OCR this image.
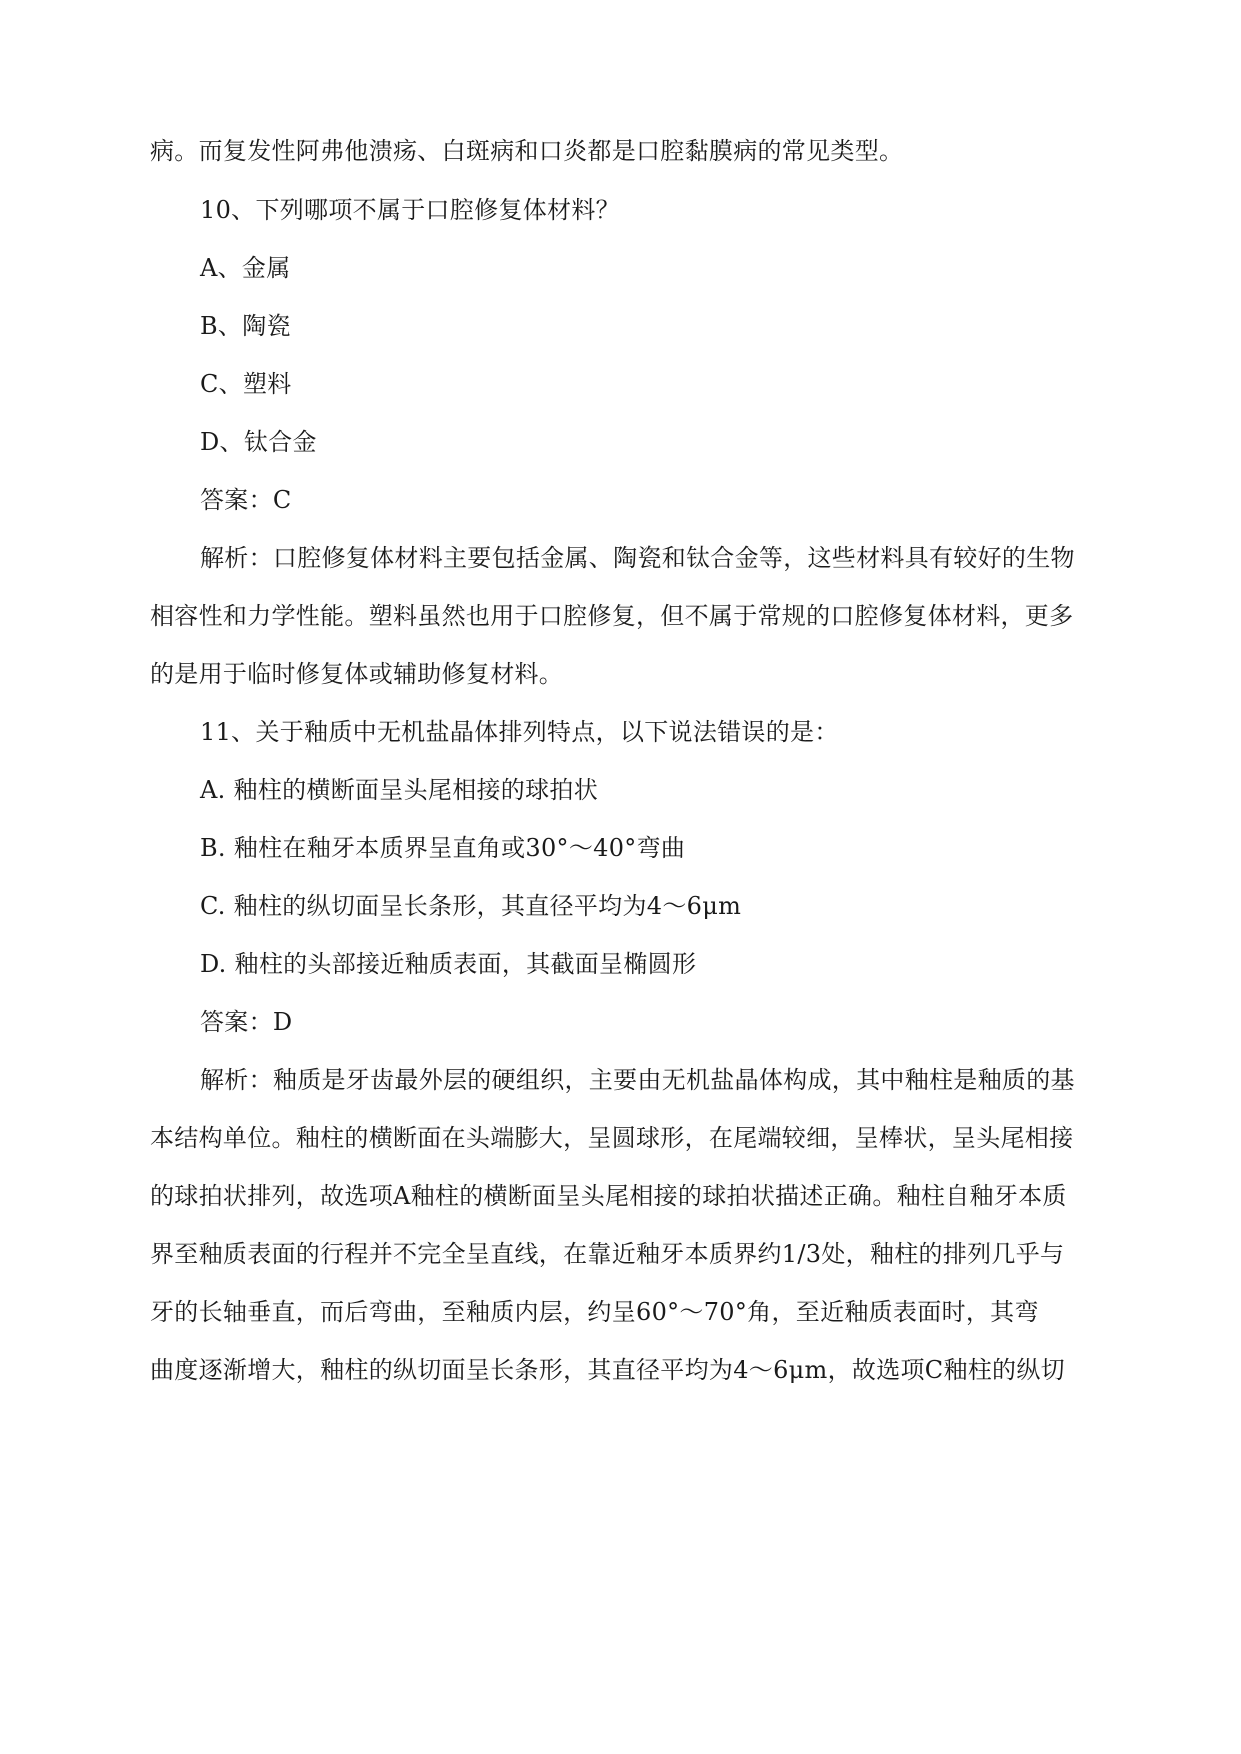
病。而复发性阿弗他溃疡、白斑病和口炎都是口腔黏膜病的常见类型。
10、下列哪项不属于口腔修复体材料？
A、金属
B、陶瓷
C、塑料
D、钛合金
答案：C
解析：口腔修复体材料主要包括金属、陶瓷和钛合金等，这些材料具有较好的生物
相容性和力学性能。塑料虽然也用于口腔修复，但不属于常规的口腔修复体材料，更多
的是用于临时修复体或辅助修复材料。
11、关于釉质中无机盐晶体排列特点，以下说法错误的是：
A. 釉柱的横断面呈头尾相接的球拍状
B. 釉柱在釉牙本质界呈直角或30°～40°弯曲
C. 釉柱的纵切面呈长条形，其直径平均为4～6μm
D. 釉柱的头部接近釉质表面，其截面呈椭圆形
答案：D
解析：釉质是牙齿最外层的硬组织，主要由无机盐晶体构成，其中釉柱是釉质的基
本结构单位。釉柱的横断面在头端膨大，呈圆球形，在尾端较细，呈棒状，呈头尾相接
的球拍状排列，故选项A釉柱的横断面呈头尾相接的球拍状描述正确。釉柱自釉牙本质
界至釉质表面的行程并不完全呈直线，在靠近釉牙本质界约1/3处，釉柱的排列几乎与
牙的长轴垂直，而后弯曲，至釉质内层，约呈60°～70°角，至近釉质表面时，其弯
曲度逐渐增大，釉柱的纵切面呈长条形，其直径平均为4～6μm，故选项C釉柱的纵切
